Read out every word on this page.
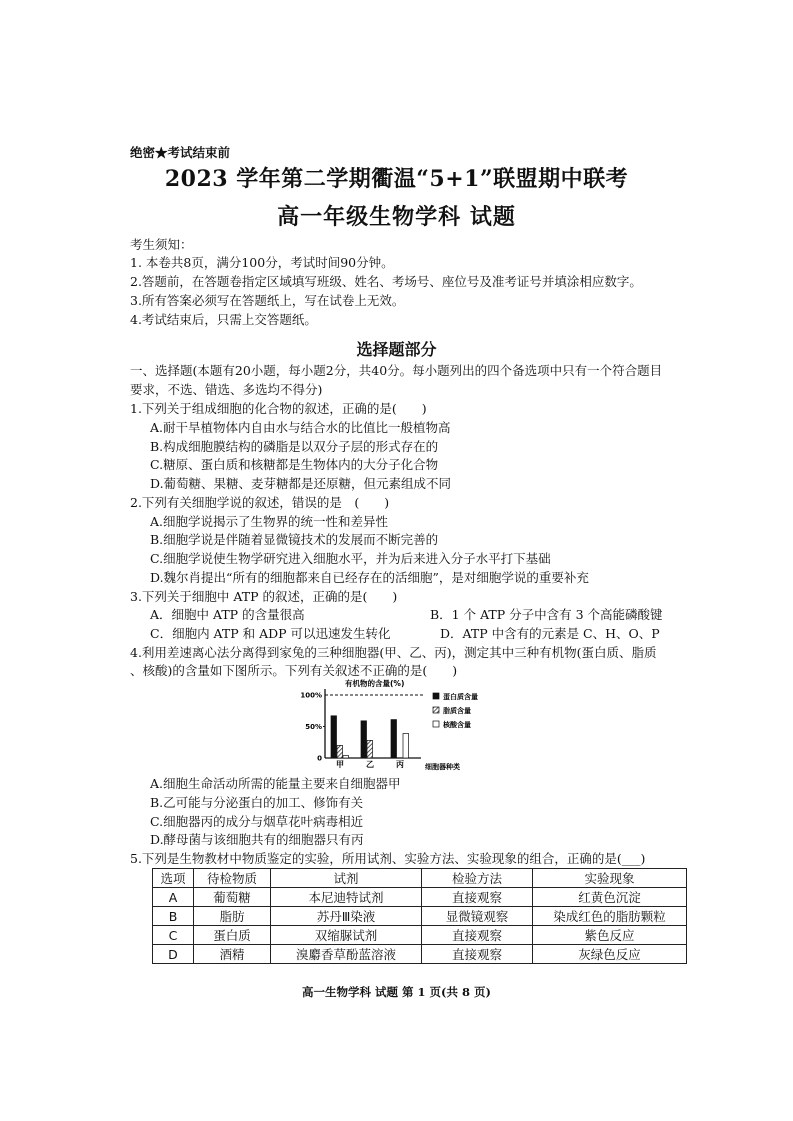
绝密★考试结束前
2023 学年第二学期衢温“5+1”联盟期中联考
高一年级生物学科 试题
考生须知：
1. 本卷共8页，满分100分，考试时间90分钟。
2.答题前，在答题卷指定区域填写班级、姓名、考场号、座位号及准考证号并填涂相应数字。
3.所有答案必须写在答题纸上，写在试卷上无效。
4.考试结束后，只需上交答题纸。
选择题部分
一、选择题(本题有20小题，每小题2分，共40分。每小题列出的四个备选项中只有一个符合题目
要求，不选、错选、多选均不得分)
1.下列关于组成细胞的化合物的叙述，正确的是(　　)
A.耐干旱植物体内自由水与结合水的比值比一般植物高
B.构成细胞膜结构的磷脂是以双分子层的形式存在的
C.糖原、蛋白质和核糖都是生物体内的大分子化合物
D.葡萄糖、果糖、麦芽糖都是还原糖，但元素组成不同
2.下列有关细胞学说的叙述，错误的是　(　　)
A.细胞学说揭示了生物界的统一性和差异性
B.细胞学说是伴随着显微镜技术的发展而不断完善的
C.细胞学说使生物学研究进入细胞水平，并为后来进入分子水平打下基础
D.魏尔肖提出“所有的细胞都来自已经存在的活细胞”，是对细胞学说的重要补充
3.下列关于细胞中 ATP 的叙述，正确的是(　　)
A．细胞中 ATP 的含量很高	B．1 个 ATP 分子中含有 3 个高能磷酸键
C．细胞内 ATP 和 ADP 可以迅速发生转化	D．ATP 中含有的元素是 C、H、O、P
4.利用差速离心法分离得到家兔的三种细胞器(甲、乙、丙)，测定其中三种有机物(蛋白质、脂质
、核酸)的含量如下图所示。下列有关叙述不正确的是(　　)
有机物的含量(%)
100%
50%
0
甲	乙	丙
蛋白质含量
脂质含量
核酸含量
细胞器种类
A.细胞生命活动所需的能量主要来自细胞器甲
B.乙可能与分泌蛋白的加工、修饰有关
C.细胞器丙的成分与烟草花叶病毒相近
D.酵母菌与该细胞共有的细胞器只有丙
5.下列是生物教材中物质鉴定的实验，所用试剂、实验方法、实验现象的组合，正确的是(___)
选项	待检物质	试剂	检验方法	实验现象
A	葡萄糖	本尼迪特试剂	直接观察	红黄色沉淀
B	脂肪	苏丹Ⅲ染液	显微镜观察	染成红色的脂肪颗粒
C	蛋白质	双缩脲试剂	直接观察	紫色反应
D	酒精	溴麝香草酚蓝溶液	直接观察	灰绿色反应
高一生物学科 试题 第 1 页(共 8 页)
